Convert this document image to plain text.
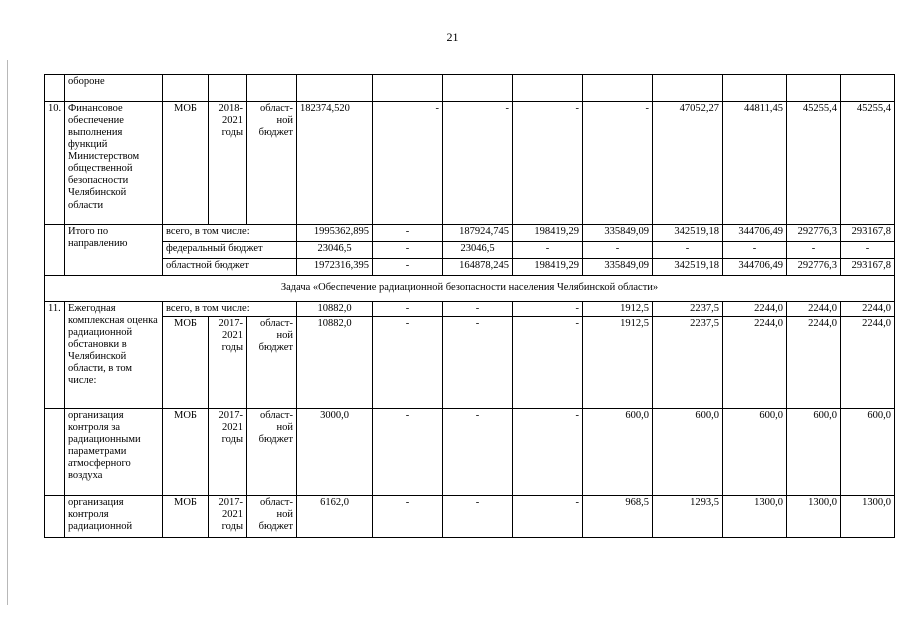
21
	обороне												
10.	Финансовое обеспечение выполнения функций Министерством общественной безопасности Челябинской области	МОБ	2018-2021 годы	област-ной бюджет	182374,520	-	-	-	-	47052,27	44811,45	45255,4	45255,4
	Итого по направлению	всего, в том числе:			1995362,895	-	187924,745	198419,29	335849,09	342519,18	344706,49	292776,3	293167,8
		федеральный бюджет			23046,5	-	23046,5	-	-	-	-	-	-
		областной бюджет			1972316,395	-	164878,245	198419,29	335849,09	342519,18	344706,49	292776,3	293167,8
Задача «Обеспечение радиационной безопасности населения Челябинской области»													
11.	Ежегодная комплексная оценка радиационной обстановки в Челябинской области, в том числе:	всего, в том числе:			10882,0	-	-	-	1912,5	2237,5	2244,0	2244,0	2244,0
		МОБ	2017-2021 годы	област-ной бюджет	10882,0	-	-	-	1912,5	2237,5	2244,0	2244,0	2244,0
	организация контроля за радиационными параметрами атмосферного воздуха	МОБ	2017-2021 годы	област-ной бюджет	3000,0	-	-	-	600,0	600,0	600,0	600,0	600,0
	организация контроля радиационной	МОБ	2017-2021 годы	област-ной бюджет	6162,0	-	-	-	968,5	1293,5	1300,0	1300,0	1300,0
